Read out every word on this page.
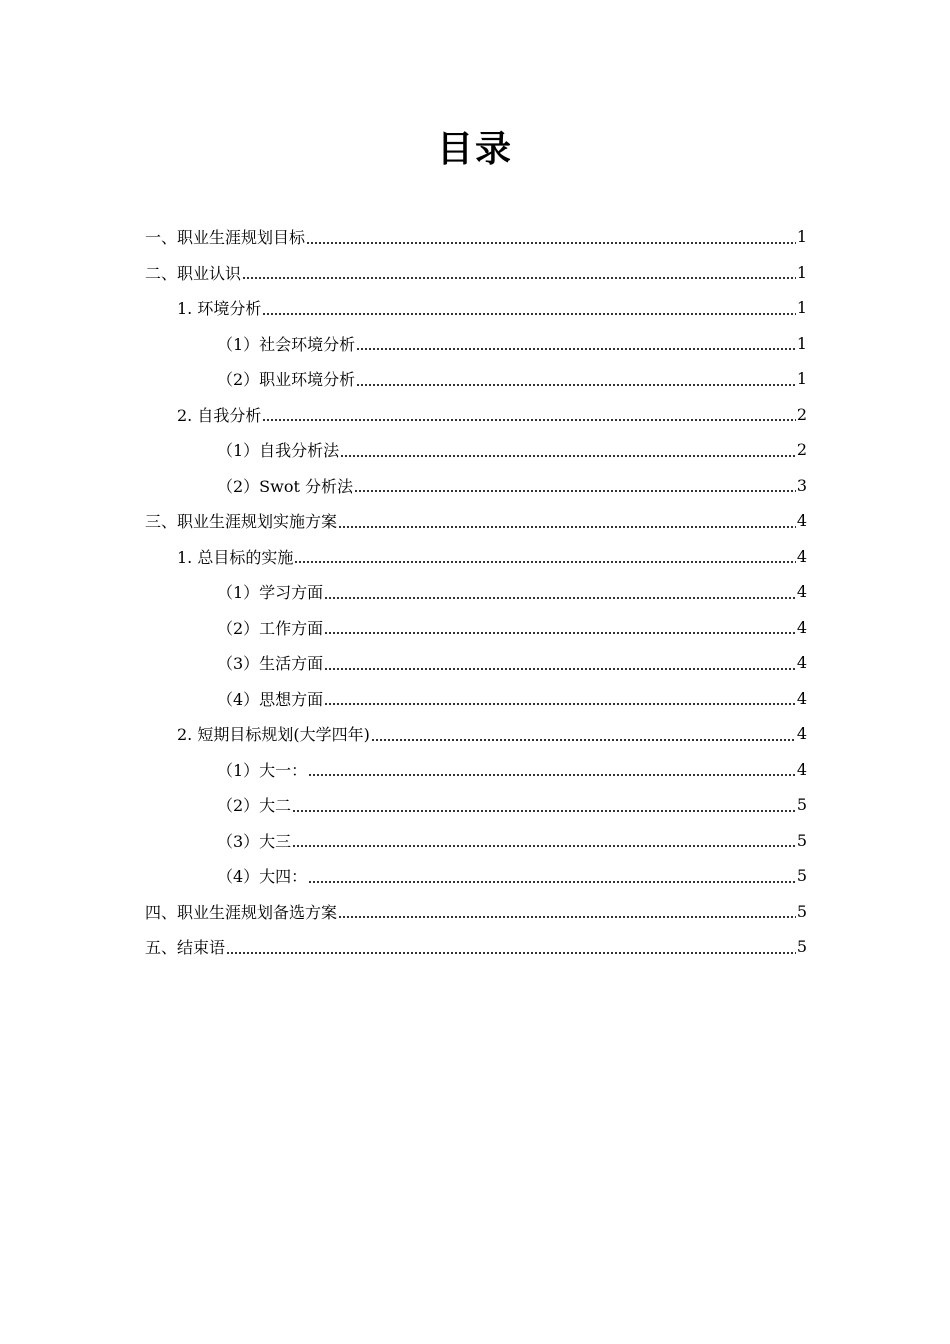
目录
一、职业生涯规划目标	1
二、职业认识	1
1. 环境分析	1
（1）社会环境分析	1
（2）职业环境分析	1
2. 自我分析	2
（1）自我分析法	2
（2）Swot 分析法	3
三、职业生涯规划实施方案	4
1. 总目标的实施	4
（1）学习方面	4
（2）工作方面	4
（3）生活方面	4
（4）思想方面	4
2. 短期目标规划(大学四年)	4
（1）大一：	4
（2）大二	5
（3）大三	5
（4）大四：	5
四、职业生涯规划备选方案	5
五、结束语	5
